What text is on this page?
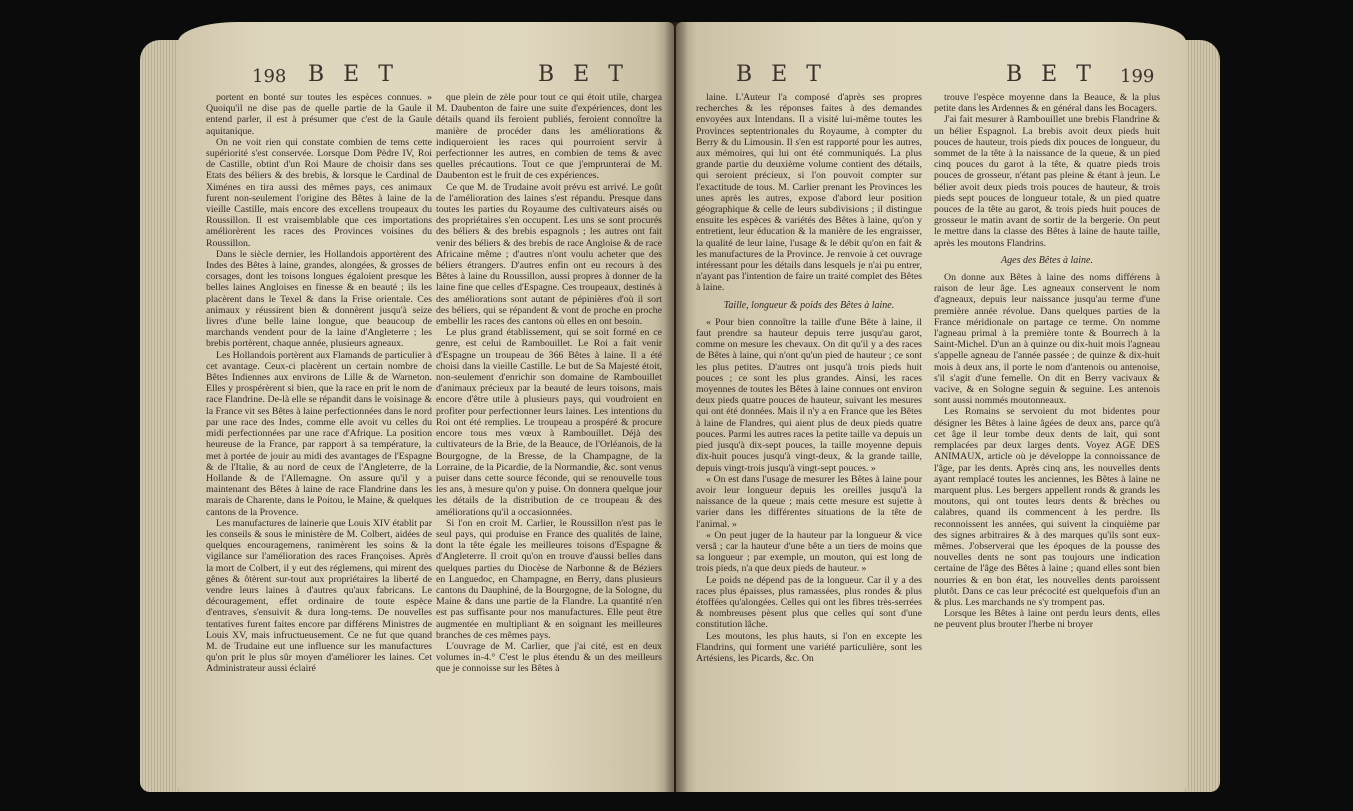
198 B E T	B E T

portent en bonté sur toutes les espèces connues. » Quoiqu'il ne dise pas de quelle partie de la Gaule il entend parler, il est à présumer que c'est de la Gaule aquitanique.

On ne voit rien qui constate combien de tems cette supériorité s'est conservée. Lorsque Dom Pèdre IV, Roi de Castille, obtint d'un Roi Maure de choisir dans ses Etats des béliers & des brebis, & lorsque le Cardinal de Ximénes en tira aussi des mêmes pays, ces animaux furent non-seulement l'origine des Bêtes à laine de la vieille Castille, mais encore des excellens troupeaux du Roussillon. Il est vraisemblable que ces importations améliorèrent les races des Provinces voisines du Roussillon.

Dans le siècle dernier, les Hollandois apportèrent des Indes des Bêtes à laine, grandes, alongées, & grosses de corsages, dont les toisons longues égaloient presque les belles laines Angloises en finesse & en beauté ; ils les placèrent dans le Texel & dans la Frise orientale. Ces animaux y réussirent bien & donnèrent jusqu'à seize livres d'une belle laine longue, que beaucoup de marchands vendent pour de la laine d'Angleterre ; les brebis portèrent, chaque année, plusieurs agneaux.

Les Hollandois portèrent aux Flamands de particulier à cet avantage. Ceux-ci placèrent un certain nombre de Bêtes Indiennes aux environs de Lille & de Warneton. Elles y prospérèrent si bien, que la race en prit le nom de race Flandrine. De-là elle se répandit dans le voisinage & la France vit ses Bêtes à laine perfectionnées dans le nord par une race des Indes, comme elle avoit vu celles du midi perfectionnées par une race d'Afrique. La position heureuse de la France, par rapport à sa température, la met à portée de jouir au midi des avantages de l'Espagne & de l'Italie, & au nord de ceux de l'Angleterre, de la Hollande & de l'Allemagne. On assure qu'il y a maintenant des Bêtes à laine de race Flandrine dans les marais de Charente, dans le Poitou, le Maine, & quelques cantons de la Provence.

Les manufactures de lainerie que Louis XIV établit par les conseils & sous le ministère de M. Colbert, aidées de quelques encouragemens, ranimèrent les soins & la vigilance sur l'amélioration des races Françoises. Après la mort de Colbert, il y eut des réglemens, qui mirent des gênes & ôtèrent sur-tout aux propriétaires la liberté de vendre leurs laines à d'autres qu'aux fabricans. Le découragement, effet ordinaire de toute espèce d'entraves, s'ensuivit & dura long-tems. De nouvelles tentatives furent faites encore par différens Ministres de Louis XV, mais infructueusement. Ce ne fut que quand M. de Trudaine eut une influence sur les manufactures qu'on prit le plus sûr moyen d'améliorer les laines. Cet Administrateur aussi éclairé

que plein de zèle pour tout ce qui étoit utile, chargea M. Daubenton de faire une suite d'expériences, dont les détails quand ils feroient publiés, feroient connoître la manière de procéder dans les améliorations & indiqueroient les races qui pourroient servir à perfectionner les autres, en combien de tems & avec quelles précautions. Tout ce que j'emprunterai de M. Daubenton est le fruit de ces expériences.

Ce que M. de Trudaine avoit prévu est arrivé. Le goût de l'amélioration des laines s'est répandu. Presque dans toutes les parties du Royaume des cultivateurs aisés ou des propriétaires s'en occupent. Les uns se sont procurés des béliers & des brebis espagnols ; les autres ont fait venir des béliers & des brebis de race Angloise & de race Africaine même ; d'autres n'ont voulu acheter que des béliers étrangers. D'autres enfin ont eu recours à des Bêtes à laine du Roussillon, aussi propres à donner de la laine fine que celles d'Espagne. Ces troupeaux, destinés à des améliorations sont autant de pépinières d'où il sort des béliers, qui se répandent & vont de proche en proche embellir les races des cantons où elles en ont besoin.

Le plus grand établissement, qui se soit formé en ce genre, est celui de Rambouillet. Le Roi a fait venir d'Espagne un troupeau de 366 Bêtes à laine. Il a été choisi dans la vieille Castille. Le but de Sa Majesté étoit, non-seulement d'enrichir son domaine de Rambouillet d'animaux précieux par la beauté de leurs toisons, mais encore d'être utile à plusieurs pays, qui voudroient en profiter pour perfectionner leurs laines. Les intentions du Roi ont été remplies. Le troupeau a prospéré & procure encore tous mes vœux à Rambouillet. Déjà des cultivateurs de la Brie, de la Beauce, de l'Orléanois, de la Bourgogne, de la Bresse, de la Champagne, de la Lorraine, de la Picardie, de la Normandie, &c. sont venus puiser dans cette source féconde, qui se renouvelle tous les ans, à mesure qu'on y puise. On donnera quelque jour les détails de la distribution de ce troupeau & des améliorations qu'il a occasionnées.

Si l'on en croit M. Carlier, le Roussillon n'est pas le seul pays, qui produise en France des qualités de laine, dont la tête égale les meilleures toisons d'Espagne & d'Angleterre. Il croit qu'on en trouve d'aussi belles dans quelques parties du Diocèse de Narbonne & de Béziers en Languedoc, en Champagne, en Berry, dans plusieurs cantons du Dauphiné, de la Bourgogne, de la Sologne, du Maine & dans une partie de la Flandre. La quantité n'en est pas suffisante pour nos manufactures. Elle peut être augmentée en multipliant & en soignant les meilleures branches de ces mêmes pays.

L'ouvrage de M. Carlier, que j'ai cité, est en deux volumes in-4.° C'est le plus étendu & un des meilleurs que je connoisse sur les Bêtes à

B E T	B E T 199

laine. L'Auteur l'a composé d'après ses propres recherches & les réponses faites à des demandes envoyées aux Intendans. Il a visité lui-même toutes les Provinces septentrionales du Royaume, à compter du Berry & du Limousin. Il s'en est rapporté pour les autres, aux mémoires, qui lui ont été communiqués. La plus grande partie du deuxième volume contient des détails, qui seroient précieux, si l'on pouvoit compter sur l'exactitude de tous. M. Carlier prenant les Provinces les unes après les autres, expose d'abord leur position géographique & celle de leurs subdivisions ; il distingue ensuite les espèces & variétés des Bêtes à laine, qu'on y entretient, leur éducation & la manière de les engraisser, la qualité de leur laine, l'usage & le débit qu'on en fait & les manufactures de la Province. Je renvoie à cet ouvrage intéressant pour les détails dans lesquels je n'ai pu entrer, n'ayant pas l'intention de faire un traité complet des Bêtes à laine.

Taille, longueur & poids des Bêtes à laine.

« Pour bien connoître la taille d'une Bête à laine, il faut prendre sa hauteur depuis terre jusqu'au garot, comme on mesure les chevaux. On dit qu'il y a des races de Bêtes à laine, qui n'ont qu'un pied de hauteur ; ce sont les plus petites. D'autres ont jusqu'à trois pieds huit pouces ; ce sont les plus grandes. Ainsi, les races moyennes de toutes les Bêtes à laine connues ont environ deux pieds quatre pouces de hauteur, suivant les mesures qui ont été données. Mais il n'y a en France que les Bêtes à laine de Flandres, qui aient plus de deux pieds quatre pouces. Parmi les autres races la petite taille va depuis un pied jusqu'à dix-sept pouces, la taille moyenne depuis dix-huit pouces jusqu'à vingt-deux, & la grande taille, depuis vingt-trois jusqu'à vingt-sept pouces. »

« On est dans l'usage de mesurer les Bêtes à laine pour avoir leur longueur depuis les oreilles jusqu'à la naissance de la queue ; mais cette mesure est sujette à varier dans les différentes situations de la tête de l'animal. »

« On peut juger de la hauteur par la longueur & vice versâ ; car la hauteur d'une bête a un tiers de moins que sa longueur ; par exemple, un mouton, qui est long de trois pieds, n'a que deux pieds de hauteur. »

Le poids ne dépend pas de la longueur. Car il y a des races plus épaisses, plus ramassées, plus rondes & plus étoffées qu'alongées. Celles qui ont les fibres très-serrées & nombreuses pèsent plus que celles qui sont d'une constitution lâche.

Les moutons, les plus hauts, si l'on en excepte les Flandrins, qui forment une variété particulière, sont les Artésiens, les Picards, &c. On

trouve l'espèce moyenne dans la Beauce, & la plus petite dans les Ardennes & en général dans les Bocagers.

J'ai fait mesurer à Rambouillet une brebis Flandrine & un bélier Espagnol. La brebis avoit deux pieds huit pouces de hauteur, trois pieds dix pouces de longueur, du sommet de la tête à la naissance de la queue, & un pied cinq pouces du garot à la tête, & quatre pieds trois pouces de grosseur, n'étant pas pleine & étant à jeun. Le bélier avoit deux pieds trois pouces de hauteur, & trois pieds sept pouces de longueur totale, & un pied quatre pouces de la tête au garot, & trois pieds huit pouces de grosseur le matin avant de sortir de la bergerie. On peut le mettre dans la classe des Bêtes à laine de haute taille, après les moutons Flandrins.

Ages des Bêtes à laine.

On donne aux Bêtes à laine des noms différens à raison de leur âge. Les agneaux conservent le nom d'agneaux, depuis leur naissance jusqu'au terme d'une première année révolue. Dans quelques parties de la France méridionale on partage ce terme. On nomme l'agneau primal à la première tonte & Bourrech à la Saint-Michel. D'un an à quinze ou dix-huit mois l'agneau s'appelle agneau de l'année passée ; de quinze & dix-huit mois à deux ans, il porte le nom d'antenois ou antenoise, s'il s'agit d'une femelle. On dit en Berry vacivaux & vacive, & en Sologne seguin & seguine. Les antenois sont aussi nommés moutonneaux.

Les Romains se servoient du mot bidentes pour désigner les Bêtes à laine âgées de deux ans, parce qu'à cet âge il leur tombe deux dents de lait, qui sont remplacées par deux larges dents. Voyez AGE DES ANIMAUX, article où je développe la connoissance de l'âge, par les dents. Après cinq ans, les nouvelles dents ayant remplacé toutes les anciennes, les Bêtes à laine ne marquent plus. Les bergers appellent ronds & grands les moutons, qui ont toutes leurs dents & brèches ou calabres, quand ils commencent à les perdre. Ils reconnoissent les années, qui suivent la cinquième par des signes arbitraires & à des marques qu'ils sont eux-mêmes. J'observerai que les époques de la pousse des nouvelles dents ne sont pas toujours une indication certaine de l'âge des Bêtes à laine ; quand elles sont bien nourries & en bon état, les nouvelles dents paroissent plutôt. Dans ce cas leur précocité est quelquefois d'un an & plus. Les marchands ne s'y trompent pas.

Lorsque les Bêtes à laine ont perdu leurs dents, elles ne peuvent plus brouter l'herbe ni broyer
